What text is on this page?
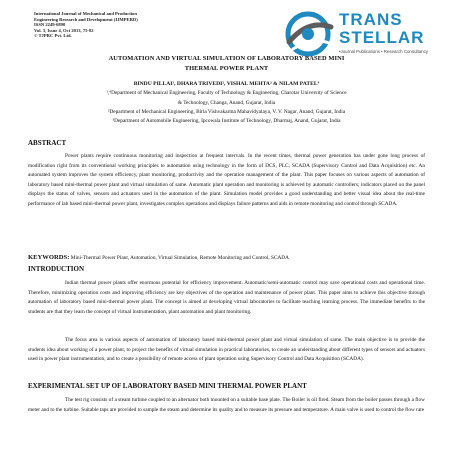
International Journal of Mechanical and Production
Engineering Research and Development (IJMPERD)
ISSN 2249-6890
Vol. 3, Issue 4, Oct 2013, 75-82
© TJPRC Pvt. Ltd.
TRANS
STELLAR
•Journal Publications • Research Consultancy
AUTOMATION AND VIRTUAL SIMULATION OF LABORATORY BASED MINI
THERMAL POWER PLANT
BINDU PILLAI¹, DHARA TRIVEDI², VISHAL MEHTA³ & NILAM PATEL⁴
¹,⁴Department of Mechanical Engineering, Faculty of Technology & Engineering, Charotar University of Science
& Technology, Changa, Anand, Gujarat, India
²Department of Mechanical Engineering, Birla Vishvakarma Mahavidyalaya, V. V. Nagar, Anand, Gujarat, India
³Department of Automobile Engineering, Ipcowala Institute of Technology, Dharmaj, Anand, Gujarat, India
ABSTRACT
Power plants require continuous monitoring and inspection at frequent intervals. In the recent times, thermal power generation has under gone long process of modification right from its conventional working principles to automation using technology in the form of DCS, PLC, SCADA (Supervisory Control and Data Acquisition) etc. An automated system improves the system efficiency, plant monitoring, productivity and the operation management of the plant. This paper focuses on various aspects of automation of laboratory based mini-thermal power plant and virtual simulation of same. Automatic plant operation and monitoring is achieved by automatic controllers; indicators placed on the panel displays the status of valves, sensors and actuators used in the automation of the plant. Simulation model provides a good understanding and better visual idea about the real-time performance of lab based mini-thermal power plant, investigates complex operations and displays failure patterns and aids in remote monitoring and control through SCADA.
KEYWORDS: Mini-Thermal Power Plant, Automation, Virtual Simulation, Remote Monitoring and Control, SCADA
INTRODUCTION
Indian thermal power plants offer enormous potential for efficiency improvement. Automatic/semi-automatic control may save operational costs and operational time. Therefore, minimizing operation costs and improving efficiency are key objectives of the operation and maintenance of power plant. This paper aims to achieve this objective through automation of laboratory based mini-thermal power plant. The concept is aimed at developing virtual laboratories to facilitate teaching learning process. The immediate benefits to the students are that they learn the concept of virtual instrumentation, plant automation and plant monitoring.
The focus area is various aspects of automation of laboratory based mini-thermal power plant and virtual simulation of same. The main objective is to provide the students idea about working of a power plant, to project the benefits of virtual simulation in practical laboratories, to create an understanding about different types of sensors and actuators used in power plant instrumentation, and to create a possibility of remote access of plant operation using Supervisory Control and Data Acquisition (SCADA).
EXPERIMENTAL SET UP OF LABORATORY BASED MINI THERMAL POWER PLANT
The test rig consists of a steam turbine coupled to an alternator both mounted on a suitable base plate. The Boiler is oil fired. Steam from the boiler passes through a flow meter and to the turbine. Suitable taps are provided to sample the steam and determine its quality and to measure its pressure and temperature. A main valve is used to control the flow rate
